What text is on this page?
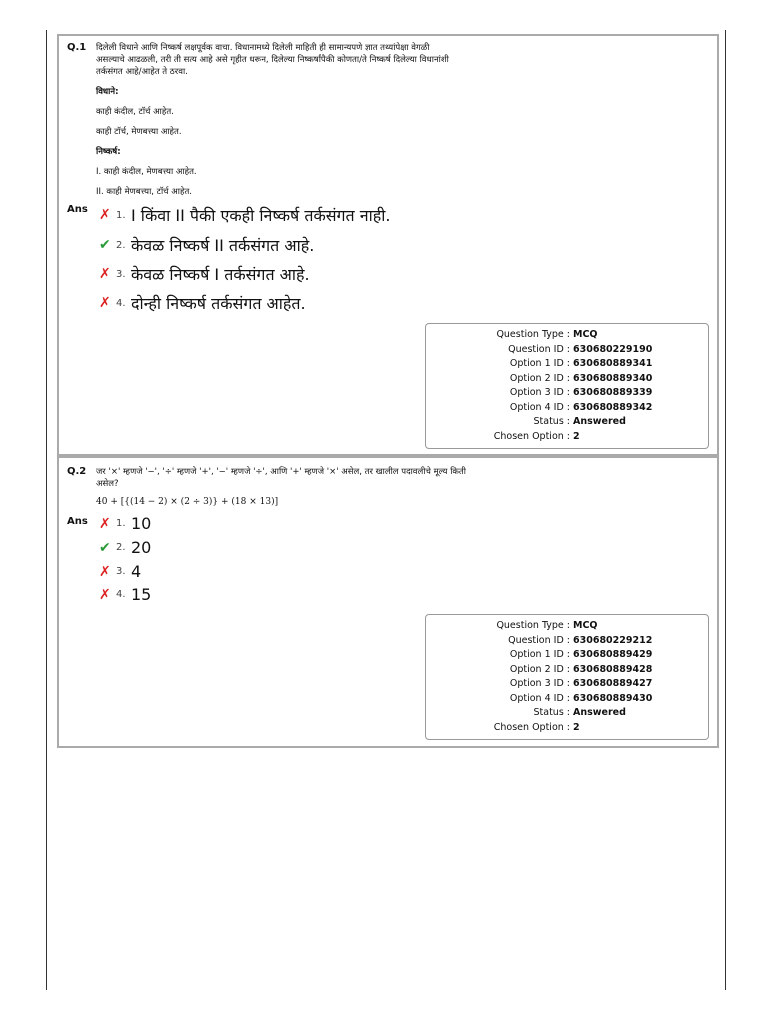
Q.1 दिलेली विधाने आणि निष्कर्ष लक्षपूर्वक वाचा. विधानामध्ये दिलेली माहिती ही सामान्यपणे ज्ञात तथ्यांपेक्षा वेगळी
असल्याचे आढळली, तरी ती सत्य आहे असे गृहीत धरून, दिलेल्या निष्कर्षांपैकी कोणता/ते निष्कर्ष दिलेल्या विधानांशी
तर्कसंगत आहे/आहेत ते ठरवा.

विधाने:

काही कंदील, टॉर्च आहेत.

काही टॉर्च, मेणबत्त्या आहेत.

निष्कर्ष:

I. काही कंदील, मेणबत्त्या आहेत.

II. काही मेणबत्त्या, टॉर्च आहेत.

Ans ✗ 1. I किंवा II पैकी एकही निष्कर्ष तर्कसंगत नाही.
✔ 2. केवळ निष्कर्ष II तर्कसंगत आहे.
✗ 3. केवळ निष्कर्ष I तर्कसंगत आहे.
✗ 4. दोन्ही निष्कर्ष तर्कसंगत आहेत.
Question Type : MCQ
Question ID : 630680229190
Option 1 ID : 630680889341
Option 2 ID : 630680889340
Option 3 ID : 630680889339
Option 4 ID : 630680889342
Status : Answered
Chosen Option : 2
Q.2 जर '×' म्हणजे '−', '÷' म्हणजे '+', '−' म्हणजे '÷', आणि '+' म्हणजे '×' असेल, तर खालील पदावलीचे मूल्य किती
असेल?
40 + [{(14 − 2) × (2 ÷ 3)} + (18 × 13)]
Ans ✗ 1. 10
✔ 2. 20
✗ 3. 4
✗ 4. 15
Question Type : MCQ
Question ID : 630680229212
Option 1 ID : 630680889429
Option 2 ID : 630680889428
Option 3 ID : 630680889427
Option 4 ID : 630680889430
Status : Answered
Chosen Option : 2
